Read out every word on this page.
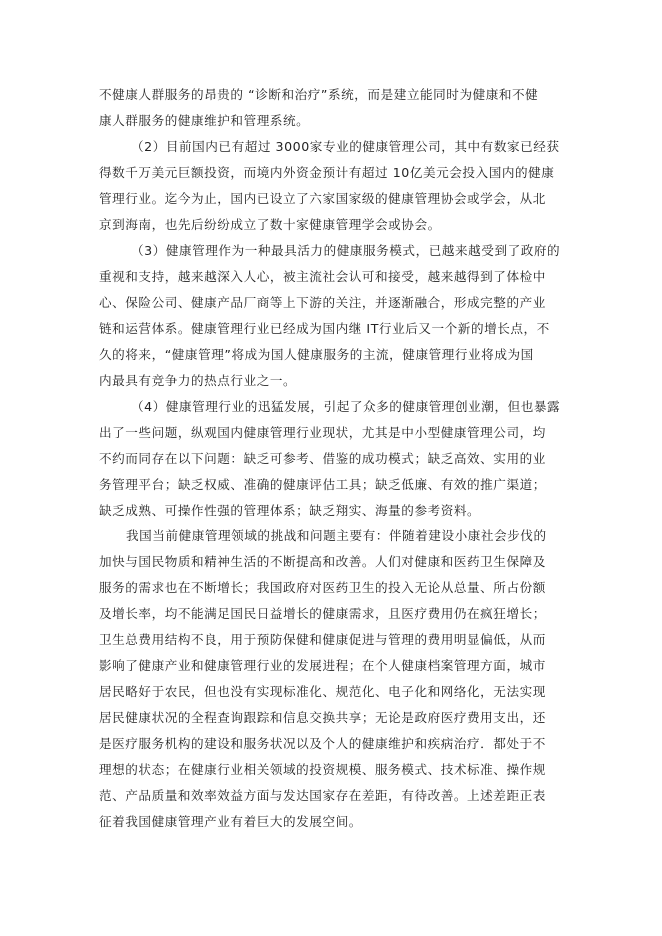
不健康人群服务的昂贵的 “诊断和治疗”系统，而是建立能同时为健康和不健
康人群服务的健康维护和管理系统。
（2）目前国内已有超过 3000家专业的健康管理公司，其中有数家已经获
得数千万美元巨额投资，而境内外资金预计有超过 10亿美元会投入国内的健康
管理行业。迄今为止，国内已设立了六家国家级的健康管理协会或学会，从北
京到海南，也先后纷纷成立了数十家健康管理学会或协会。
（3）健康管理作为一种最具活力的健康服务模式，已越来越受到了政府的
重视和支持，越来越深入人心，被主流社会认可和接受，越来越得到了体检中
心、保险公司、健康产品厂商等上下游的关注，并逐渐融合，形成完整的产业
链和运营体系。健康管理行业已经成为国内继 IT行业后又一个新的增长点，不
久的将来，“健康管理”将成为国人健康服务的主流，健康管理行业将成为国
内最具有竞争力的热点行业之一。
（4）健康管理行业的迅猛发展，引起了众多的健康管理创业潮，但也暴露
出了一些问题，纵观国内健康管理行业现状，尤其是中小型健康管理公司，均
不约而同存在以下问题：缺乏可参考、借鉴的成功模式；缺乏高效、实用的业
务管理平台；缺乏权威、准确的健康评估工具；缺乏低廉、有效的推广渠道；
缺乏成熟、可操作性强的管理体系；缺乏翔实、海量的参考资料。
我国当前健康管理领域的挑战和问题主要有：伴随着建设小康社会步伐的
加快与国民物质和精神生活的不断提高和改善。人们对健康和医药卫生保障及
服务的需求也在不断增长；我国政府对医药卫生的投入无论从总量、所占份额
及增长率，均不能满足国民日益增长的健康需求，且医疗费用仍在疯狂增长；
卫生总费用结构不良，用于预防保健和健康促进与管理的费用明显偏低，从而
影响了健康产业和健康管理行业的发展进程；在个人健康档案管理方面，城市
居民略好于农民，但也没有实现标准化、规范化、电子化和网络化，无法实现
居民健康状况的全程查询跟踪和信息交换共享；无论是政府医疗费用支出，还
是医疗服务机构的建设和服务状况以及个人的健康维护和疾病治疗．都处于不
理想的状态；在健康行业相关领域的投资规模、服务模式、技术标准、操作规
范、产品质量和效率效益方面与发达国家存在差距，有待改善。上述差距正表
征着我国健康管理产业有着巨大的发展空间。
